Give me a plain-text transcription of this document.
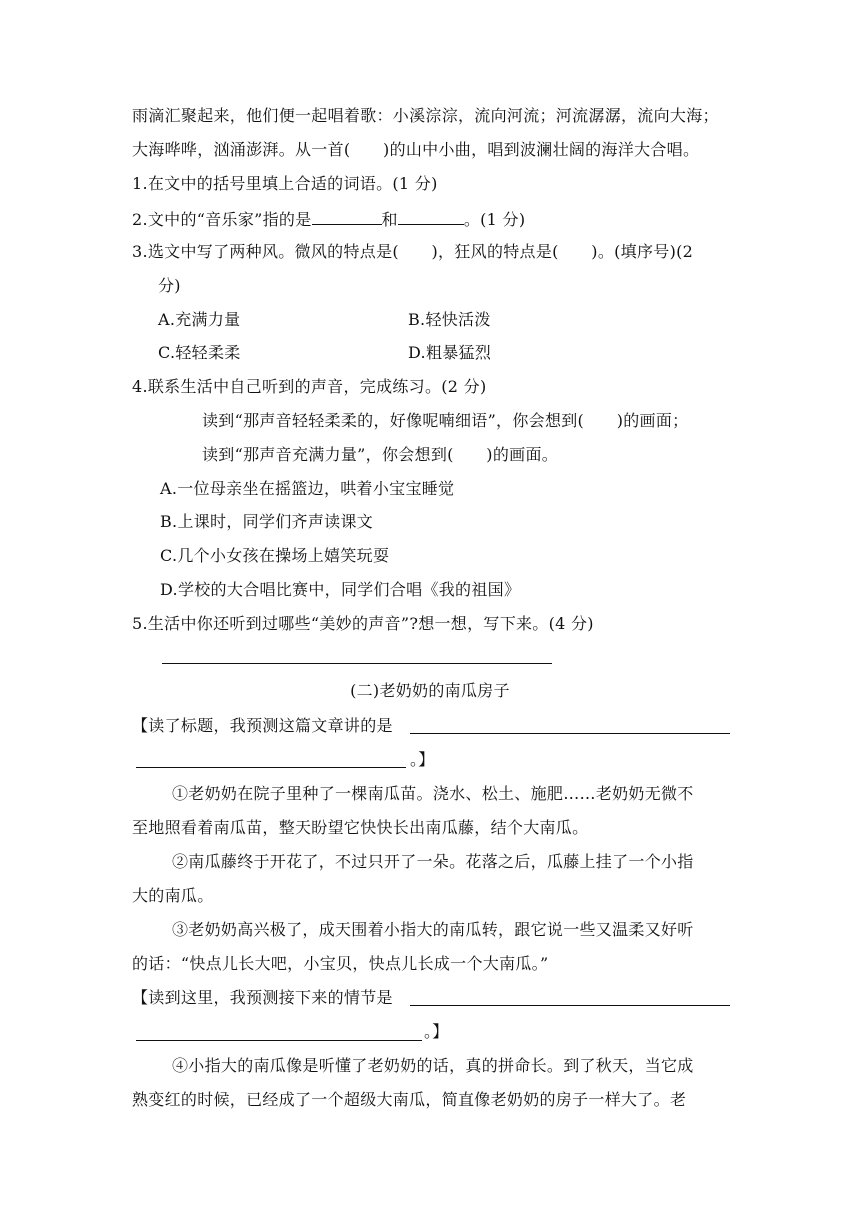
雨滴汇聚起来，他们便一起唱着歌：小溪淙淙，流向河流；河流潺潺，流向大海；
大海哗哗，汹涌澎湃。从一首(　　)的山中小曲，唱到波澜壮阔的海洋大合唱。
1.在文中的括号里填上合适的词语。(1 分)
2.文中的“音乐家”指的是	和	。(1 分)
3.选文中写了两种风。微风的特点是(　　)，狂风的特点是(　　)。(填序号)(2
分)
A.充满力量	B.轻快活泼
C.轻轻柔柔	D.粗暴猛烈
4.联系生活中自己听到的声音，完成练习。(2 分)
读到“那声音轻轻柔柔的，好像呢喃细语”，你会想到(　　)的画面；
读到“那声音充满力量”，你会想到(　　)的画面。
A.一位母亲坐在摇篮边，哄着小宝宝睡觉
B.上课时，同学们齐声读课文
C.几个小女孩在操场上嬉笑玩耍
D.学校的大合唱比赛中，同学们合唱《我的祖国》
5.生活中你还听到过哪些“美妙的声音”?想一想，写下来。(4 分)
(二)老奶奶的南瓜房子
【读了标题，我预测这篇文章讲的是
。】
①老奶奶在院子里种了一棵南瓜苗。浇水、松土、施肥……老奶奶无微不
至地照看着南瓜苗，整天盼望它快快长出南瓜藤，结个大南瓜。
②南瓜藤终于开花了，不过只开了一朵。花落之后，瓜藤上挂了一个小指
大的南瓜。
③老奶奶高兴极了，成天围着小指大的南瓜转，跟它说一些又温柔又好听
的话：“快点儿长大吧，小宝贝，快点儿长成一个大南瓜。”
【读到这里，我预测接下来的情节是
。】
④小指大的南瓜像是听懂了老奶奶的话，真的拼命长。到了秋天，当它成
熟变红的时候，已经成了一个超级大南瓜，简直像老奶奶的房子一样大了。老
